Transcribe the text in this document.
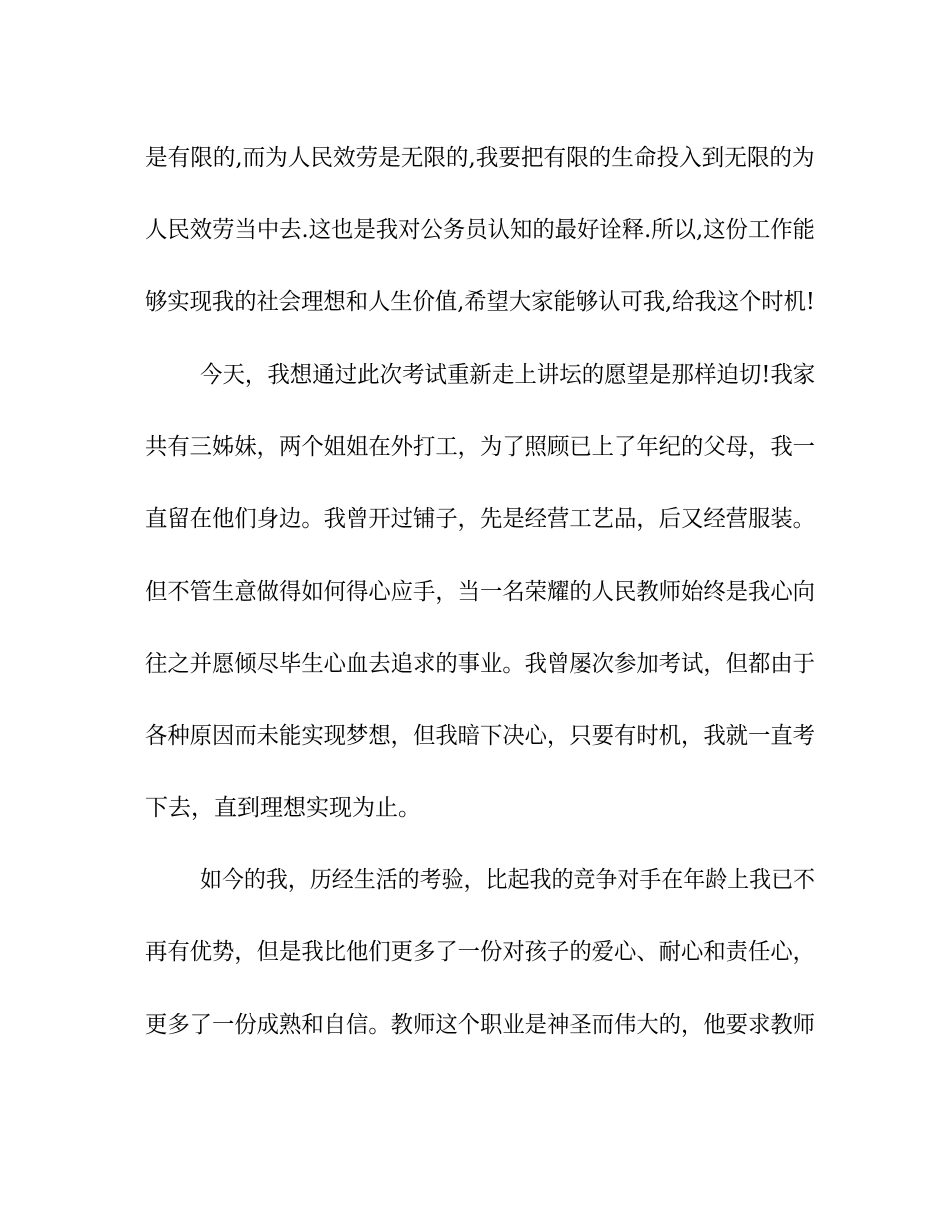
是有限的,而为人民效劳是无限的,我要把有限的生命投入到无限的为
人民效劳当中去.这也是我对公务员认知的最好诠释.所以,这份工作能
够实现我的社会理想和人生价值,希望大家能够认可我,给我这个时机!
今天，我想通过此次考试重新走上讲坛的愿望是那样迫切!我家
共有三姊妹，两个姐姐在外打工，为了照顾已上了年纪的父母，我一
直留在他们身边。我曾开过铺子，先是经营工艺品，后又经营服装。
但不管生意做得如何得心应手，当一名荣耀的人民教师始终是我心向
往之并愿倾尽毕生心血去追求的事业。我曾屡次参加考试，但都由于
各种原因而未能实现梦想，但我暗下决心，只要有时机，我就一直考
下去，直到理想实现为止。
如今的我，历经生活的考验，比起我的竞争对手在年龄上我已不
再有优势，但是我比他们更多了一份对孩子的爱心、耐心和责任心，
更多了一份成熟和自信。教师这个职业是神圣而伟大的，他要求教师
